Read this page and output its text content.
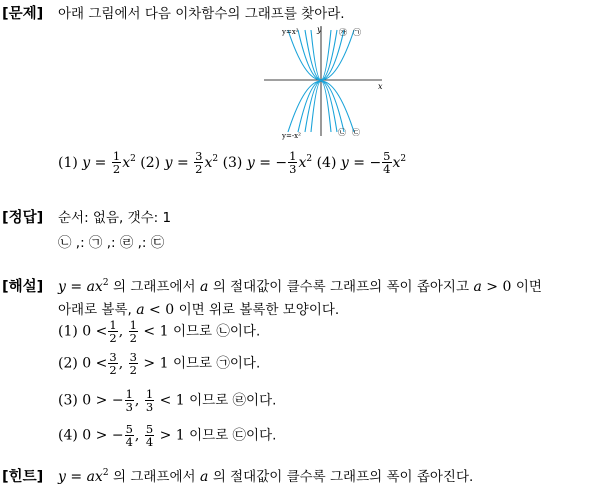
[문제] 아래 그림에서 다음 이차함수의 그래프를 찾아라.
y
x
y=x²
y=-x²
㉮ ㉠
㉡ ㉢
(1) $y = \frac{1}{2} x^2$ (2) $y = \frac{3}{2} x^2$ (3) y = − $\frac{1}{3} x^2$ (4) y = − $\frac{5}{4} x^2$
[정답] 순서: 없음, 갯수: 1
㉡ ,: ㉠ ,: ㉣ ,: ㉢
[해설] $y = ax^2$ 의 그래프에서 a 의 절대값이 클수록 그래프의 폭이 좁아지고 a > 0 이면
아래로 볼록, a < 0 이면 위로 볼록한 모양이다.
(1) $0 < \frac{1}{2}$ , $\frac{1}{2} < 1$ 이므로 ㉡이다.
(2) $0 < \frac{3}{2}$ , $\frac{3}{2} > 1$ 이므로 ㉠이다.
(3) 0 > − $\frac{1}{3}$ , $\frac{1}{3} < 1$ 이므로 ㉣이다.
(4) 0 > − $\frac{5}{4}$ , $\frac{5}{4} > 1$ 이므로 ㉢이다.
[힌트] $y = ax^2$ 의 그래프에서 a 의 절대값이 클수록 그래프의 폭이 좁아진다.
